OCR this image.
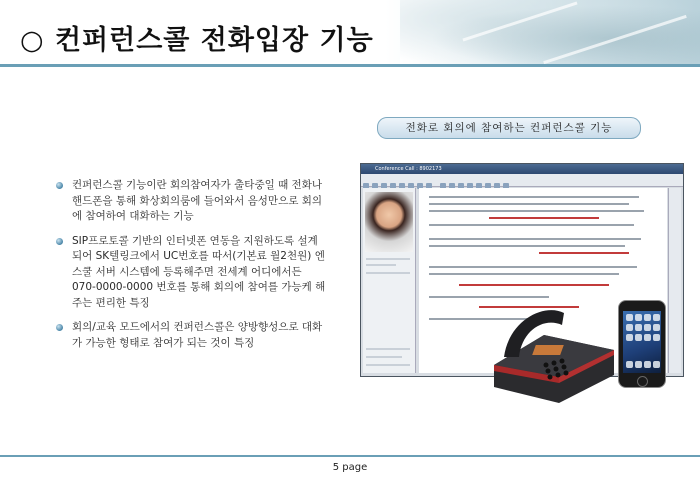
○ 컨퍼런스콜 전화입장 기능
전화로 회의에 참여하는 컨퍼런스콜 기능
컨퍼런스콜 기능이란 회의참여자가 출타중일 때 전화나 핸드폰을 통해 화상회의룸에 들어와서 음성만으로 회의에 참여하여 대화하는 기능
SIP프로토콜 기반의 인터넷폰 연동을 지원하도록 설계되어 SK텔링크에서 UC번호를 따서(기본료 월2천원) 엔스쿨 서버 시스템에 등록해주면 전세계 어디에서든 070-0000-0000 번호를 통해 회의에 참여를 가능케 해주는 편리한 특징
회의/교육 모드에서의 컨퍼런스콜은 양방향성으로 대화가 가능한 형태로 참여가 되는 것이 특징
Conference Call : 8902173

5 page
